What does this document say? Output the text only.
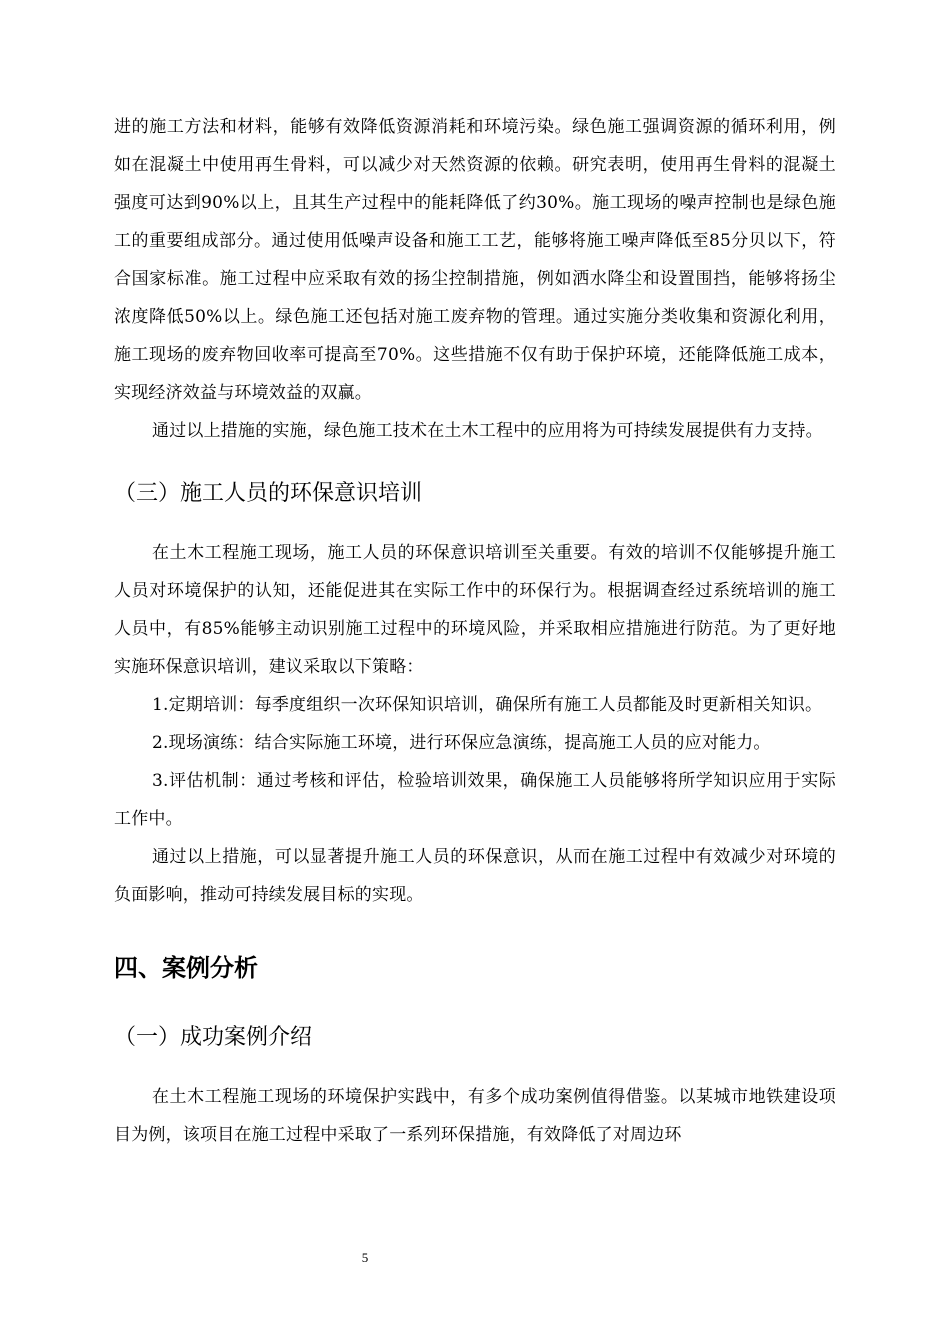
进的施工方法和材料，能够有效降低资源消耗和环境污染。绿色施工强调资源的循环利用，例如在混凝土中使用再生骨料，可以减少对天然资源的依赖。研究表明，使用再生骨料的混凝土强度可达到90%以上，且其生产过程中的能耗降低了约30%。施工现场的噪声控制也是绿色施工的重要组成部分。通过使用低噪声设备和施工工艺，能够将施工噪声降低至85分贝以下，符合国家标准。施工过程中应采取有效的扬尘控制措施，例如洒水降尘和设置围挡，能够将扬尘浓度降低50%以上。绿色施工还包括对施工废弃物的管理。通过实施分类收集和资源化利用，施工现场的废弃物回收率可提高至70%。这些措施不仅有助于保护环境，还能降低施工成本，实现经济效益与环境效益的双赢。

通过以上措施的实施，绿色施工技术在土木工程中的应用将为可持续发展提供有力支持。

（三）施工人员的环保意识培训

在土木工程施工现场，施工人员的环保意识培训至关重要。有效的培训不仅能够提升施工人员对环境保护的认知，还能促进其在实际工作中的环保行为。根据调查经过系统培训的施工人员中，有85%能够主动识别施工过程中的环境风险，并采取相应措施进行防范。为了更好地实施环保意识培训，建议采取以下策略：

1.定期培训：每季度组织一次环保知识培训，确保所有施工人员都能及时更新相关知识。

2.现场演练：结合实际施工环境，进行环保应急演练，提高施工人员的应对能力。

3.评估机制：通过考核和评估，检验培训效果，确保施工人员能够将所学知识应用于实际工作中。

通过以上措施，可以显著提升施工人员的环保意识，从而在施工过程中有效减少对环境的负面影响，推动可持续发展目标的实现。

四、案例分析
（一）成功案例介绍

在土木工程施工现场的环境保护实践中，有多个成功案例值得借鉴。以某城市地铁建设项目为例，该项目在施工过程中采取了一系列环保措施，有效降低了对周边环

5
